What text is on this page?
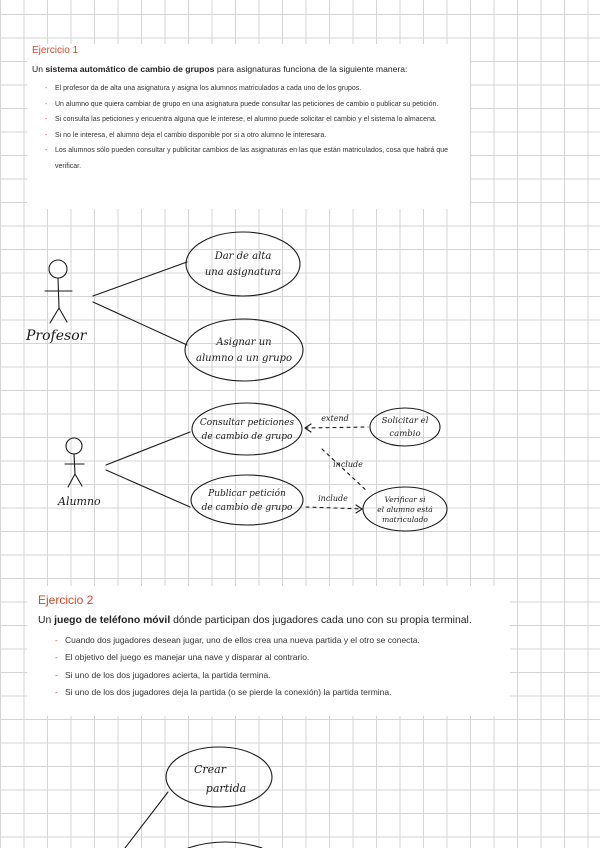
Ejercicio 1
Un sistema automático de cambio de grupos para asignaturas funciona de la siguiente manera:
- El profesor da de alta una asignatura y asigna los alumnos matriculados a cada uno de los grupos.
- Un alumno que quiera cambiar de grupo en una asignatura puede consultar las peticiones de cambio o publicar su petición.
- Si consulta las peticiones y encuentra alguna que le interese, el alumno puede solicitar el cambio y el sistema lo almacena.
- Si no le interesa, el alumno deja el cambio disponible por si a otro alumno le interesara.
- Los alumnos sólo pueden consultar y publicitar cambios de las asignaturas en las que están matriculados, cosa que habrá que verificar.
Ejercicio 2
Un juego de teléfono móvil dónde participan dos jugadores cada uno con su propia terminal.
- Cuando dos jugadores desean jugar, uno de ellos crea una nueva partida y el otro se conecta.
- El objetivo del juego es manejar una nave y disparar al contrario.
- Si uno de los dos jugadores acierta, la partida termina.
- Si uno de los dos jugadores deja la partida (o se pierde la conexión) la partida termina.
Profesor
Dar de alta
una asignatura
Asignar un
alumno a un grupo
Alumno
Consultar peticiones
de cambio de grupo
Publicar petición
de cambio de grupo
Solicitar el
cambio
Verificar si
el alumno está
matriculado
extend
include
include
Crear
partida
